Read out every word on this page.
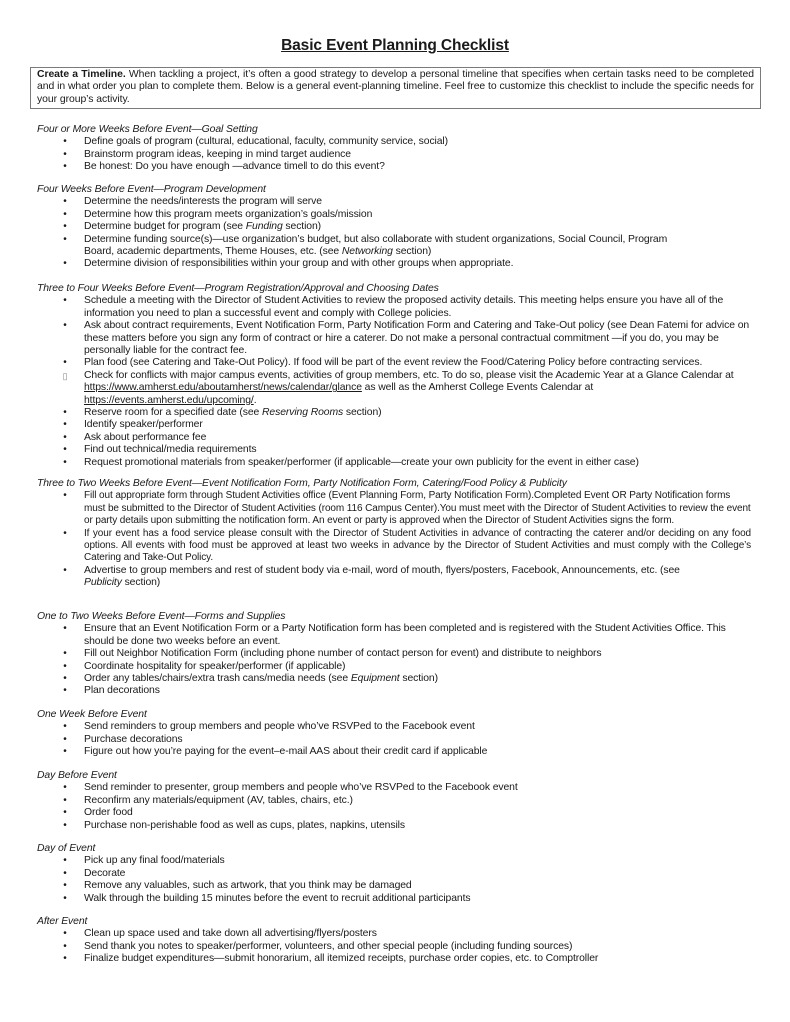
Basic Event Planning Checklist
Create a Timeline. When tackling a project, it’s often a good strategy to develop a personal timeline that specifies when certain tasks need to be completed and in what order you plan to complete them. Below is a general event-planning timeline. Feel free to customize this checklist to include the specific needs for your group’s activity.

Four or More Weeks Before Event—Goal Setting

•	Define goals of program (cultural, educational, faculty, community service, social)
•	Brainstorm program ideas, keeping in mind target audience
•	Be honest: Do you have enough —advance timeǁ to do this event?

Four Weeks Before Event—Program Development

•	Determine the needs/interests the program will serve
•	Determine how this program meets organization’s goals/mission
•	Determine budget for program (see Funding section)
•	Determine funding source(s)—use organization’s budget, but also collaborate with student organizations, Social Council, Program Board, academic departments, Theme Houses, etc. (see Networking section)
•	Determine division of responsibilities within your group and with other groups when appropriate.

Three to Four Weeks Before Event—Program Registration/Approval and Choosing Dates

•	Schedule a meeting with the Director of Student Activities to review the proposed activity details. This meeting helps ensure you have all of the information you need to plan a successful event and comply with College policies.
•	Ask about contract requirements, Event Notification Form, Party Notification Form and Catering and Take-Out policy (see Dean Fatemi for advice on these matters before you sign any form of contract or hire a caterer. Do not make a personal contractual commitment —if you do, you may be personally liable for the contract fee.
•	Plan food (see Catering and Take-Out Policy). If food will be part of the event review the Food/Catering Policy before contracting services.
▯ Check for conflicts with major campus events, activities of group members, etc. To do so, please visit the Academic Year at a Glance Calendar at https://www.amherst.edu/aboutamherst/news/calendar/glance as well as the Amherst College Events Calendar at
https://events.amherst.edu/upcoming/.
•	Reserve room for a specified date (see Reserving Rooms section)
•	Identify speaker/performer
•	Ask about performance fee
•	Find out technical/media requirements
•	Request promotional materials from speaker/performer (if applicable—create your own publicity for the event in either case)

Three to Two Weeks Before Event—Event Notification Form, Party Notification Form, Catering/Food Policy & Publicity

•	Fill out appropriate form through Student Activities office (Event Planning Form, Party Notification Form).Completed Event OR Party Notification forms must be submitted to the Director of Student Activities (room 116 Campus Center).You must meet with the Director of Student Activities to review the event or party details upon submitting the notification form. An event or party is approved when the Director of Student Activities signs the form.
•	If your event has a food service please consult with the Director of Student Activities in advance of contracting the caterer and/or deciding on any food options. All events with food must be approved at least two weeks in advance by the Director of Student Activities and must comply with the College’s Catering and Take-Out Policy.
•	Advertise to group members and rest of student body via e-mail, word of mouth, flyers/posters, Facebook, Announcements, etc. (see Publicity section)

One to Two Weeks Before Event—Forms and Supplies

•	Ensure that an Event Notification Form or a Party Notification form has been completed and is registered with the Student Activities Office. This should be done two weeks before an event.
•	Fill out Neighbor Notification Form (including phone number of contact person for event) and distribute to neighbors
•	Coordinate hospitality for speaker/performer (if applicable)
•	Order any tables/chairs/extra trash cans/media needs (see Equipment section)
•	Plan decorations

One Week Before Event

•	Send reminders to group members and people who’ve RSVPed to the Facebook event
•	Purchase decorations
•	Figure out how you’re paying for the event–e-mail AAS about their credit card if applicable

Day Before Event

•	Send reminder to presenter, group members and people who’ve RSVPed to the Facebook event
•	Reconfirm any materials/equipment (AV, tables, chairs, etc.)
•	Order food
•	Purchase non-perishable food as well as cups, plates, napkins, utensils

Day of Event

•	Pick up any final food/materials
•	Decorate
•	Remove any valuables, such as artwork, that you think may be damaged
•	Walk through the building 15 minutes before the event to recruit additional participants

After Event

•	Clean up space used and take down all advertising/flyers/posters
•	Send thank you notes to speaker/performer, volunteers, and other special people (including funding sources)
•	Finalize budget expenditures—submit honorarium, all itemized receipts, purchase order copies, etc. to Comptroller
